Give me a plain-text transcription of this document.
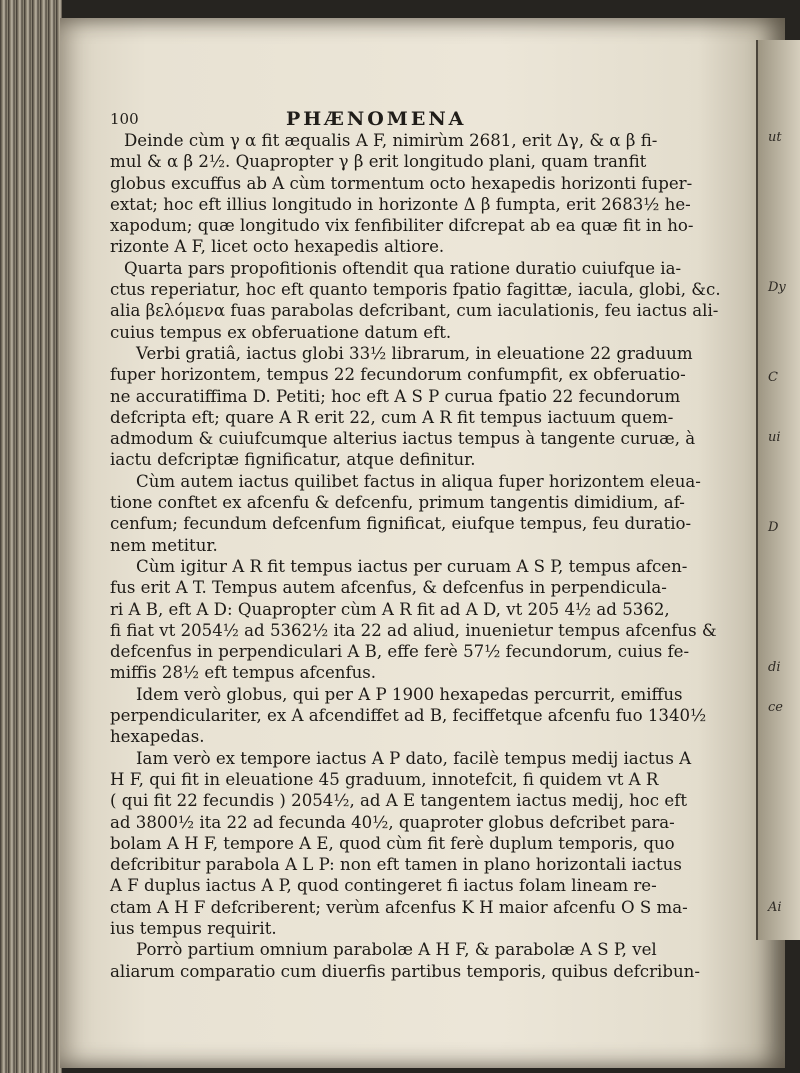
ut
Dy
C
ui
D
di
ce
Ai
100	PHÆNOMENA
Deinde cùm γ α fit æqualis A F, nimirùm 2681, erit Δγ, & α β fi-
mul & α β 2½. Quapropter γ β erit longitudo plani, quam tranfit
globus excuffus ab A cùm tormentum octo hexapedis horizonti fuper-
extat; hoc eft illius longitudo in horizonte Δ β fumpta, erit 2683½ he-
xapodum; quæ longitudo vix fenfibiliter difcrepat ab ea quæ fit in ho-
rizonte A F, licet octo hexapedis altiore.
Quarta pars propofitionis oftendit qua ratione duratio cuiufque ia-
ctus reperiatur, hoc eft quanto temporis fpatio fagittæ, iacula, globi, &c.
alia βελόμενα fuas parabolas defcribant, cum iaculationis, feu iactus ali-
cuius tempus ex obferuatione datum eft.
Verbi gratiâ, iactus globi 33½ librarum, in eleuatione 22 graduum
fuper horizontem, tempus 22 fecundorum confumpfit, ex obferuatio-
ne accuratiffima D. Petiti; hoc eft A S P curua fpatio 22 fecundorum
defcripta eft; quare A R erit 22, cum A R fit tempus iactuum quem-
admodum & cuiufcumque alterius iactus tempus à tangente curuæ, à
iactu defcriptæ fignificatur, atque definitur.
Cùm autem iactus quilibet factus in aliqua fuper horizontem eleua-
tione conftet ex afcenfu & defcenfu, primum tangentis dimidium, af-
cenfum; fecundum defcenfum fignificat, eiufque tempus, feu duratio-
nem metitur.
Cùm igitur A R fit tempus iactus per curuam A S P, tempus afcen-
fus erit A T. Tempus autem afcenfus, & defcenfus in perpendicula-
ri A B, eft A D: Quapropter cùm A R fit ad A D, vt 205 4½ ad 5362,
fi fiat vt 2054½ ad 5362½ ita 22 ad aliud, inuenietur tempus afcenfus &
defcenfus in perpendiculari A B, effe ferè 57½ fecundorum, cuius fe-
miffis 28½ eft tempus afcenfus.
Idem verò globus, qui per A P 1900 hexapedas percurrit, emiffus
perpendiculariter, ex A afcendiffet ad B, feciffetque afcenfu fuo 1340½
hexapedas.
Iam verò ex tempore iactus A P dato, facilè tempus medij iactus A
H F, qui fit in eleuatione 45 graduum, innotefcit, fi quidem vt A R
( qui fit 22 fecundis ) 2054½, ad A E tangentem iactus medij, hoc eft
ad 3800½ ita 22 ad fecunda 40½, quaproter globus defcribet para-
bolam A H F, tempore A E, quod cùm fit ferè duplum temporis, quo
defcribitur parabola A L P: non eft tamen in plano horizontali iactus
A F duplus iactus A P, quod contingeret fi iactus folam lineam re-
ctam A H F defcriberent; verùm afcenfus K H maior afcenfu O S ma-
ius tempus requirit.
Porrò partium omnium parabolæ A H F, & parabolæ A S P, vel
aliarum comparatio cum diuerfis partibus temporis, quibus defcribun-
